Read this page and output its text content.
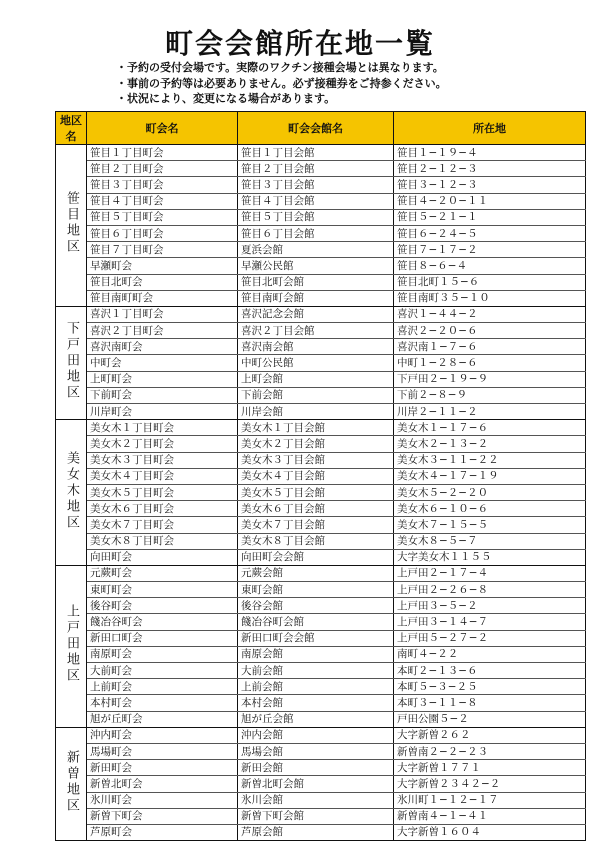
町会会館所在地一覧
・予約の受付会場です。実際のワクチン接種会場とは異なります。
・事前の予約等は必要ありません。必ず接種券をご持参ください。
・状況により、変更になる場合があります。
地区名	町会名	町会会館名	所在地
笹目地区	笹目１丁目町会	笹目１丁目会館	笹目１−１９−４
	笹目２丁目町会	笹目２丁目会館	笹目２−１２−３
	笹目３丁目町会	笹目３丁目会館	笹目３−１２−３
	笹目４丁目町会	笹目４丁目会館	笹目４−２０−１１
	笹目５丁目町会	笹目５丁目会館	笹目５−２１−１
	笹目６丁目町会	笹目６丁目会館	笹目６−２４−５
	笹目７丁目町会	夏浜会館	笹目７−１７−２
	早瀬町会	早瀬公民館	笹目８−６−４
	笹目北町会	笹目北町会館	笹目北町１５−６
	笹目南町町会	笹目南町会館	笹目南町３５−１０
下戸田地区	喜沢１丁目町会	喜沢記念会館	喜沢１−４４−２
	喜沢２丁目町会	喜沢２丁目会館	喜沢２−２０−６
	喜沢南町会	喜沢南会館	喜沢南１−７−６
	中町会	中町公民館	中町１−２８−６
	上町町会	上町会館	下戸田２−１９−９
	下前町会	下前会館	下前２−８−９
	川岸町会	川岸会館	川岸２−１１−２
美女木地区	美女木１丁目町会	美女木１丁目会館	美女木１−１７−６
	美女木２丁目町会	美女木２丁目会館	美女木２−１３−２
	美女木３丁目町会	美女木３丁目会館	美女木３−１１−２２
	美女木４丁目町会	美女木４丁目会館	美女木４−１７−１９
	美女木５丁目町会	美女木５丁目会館	美女木５−２−２０
	美女木６丁目町会	美女木６丁目会館	美女木６−１０−６
	美女木７丁目町会	美女木７丁目会館	美女木７−１５−５
	美女木８丁目町会	美女木８丁目会館	美女木８−５−７
	向田町会	向田町会会館	大字美女木１１５５
上戸田地区	元蕨町会	元蕨会館	上戸田２−１７−４
	東町町会	東町会館	上戸田２−２６−８
	後谷町会	後谷会館	上戸田３−５−２
	餞冶谷町会	餞冶谷町会館	上戸田３−１４−７
	新田口町会	新田口町会会館	上戸田５−２７−２
	南原町会	南原会館	南町４−２２
	大前町会	大前会館	本町２−１３−６
	上前町会	上前会館	本町５−３−２５
	本村町会	本村会館	本町３−１１−８
	旭が丘町会	旭が丘会館	戸田公園５−２
新曽地区	沖内町会	沖内会館	大字新曽２６２
	馬場町会	馬場会館	新曽南２−２−２３
	新田町会	新田会館	大字新曽１７７１
	新曽北町会	新曽北町会館	大字新曽２３４２−２
	氷川町会	氷川会館	氷川町１−１２−１７
	新曽下町会	新曽下町会館	新曽南４−１−４１
	芦原町会	芦原会館	大字新曽１６０４
